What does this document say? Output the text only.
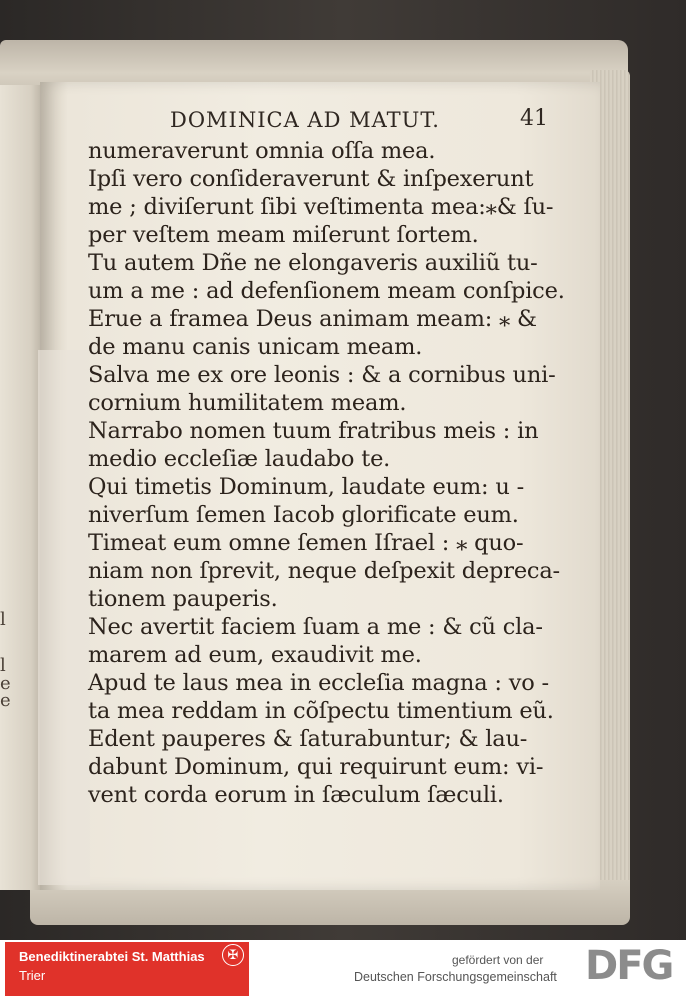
l
l
e
e
DOMINICA AD MATUT.	41
numeraverunt omnia oſſa mea.
Ipſi vero conſideraverunt & inſpexerunt
me ; diviſerunt ſibi veſtimenta mea:⁎& ſu-
per veſtem meam miſerunt ſortem.
Tu autem Dñe ne elongaveris auxiliũ tu-
um a me : ad defenſionem meam conſpice.
Erue a framea Deus animam meam: ⁎ &
de manu canis unicam meam.
Salva me ex ore leonis : & a cornibus uni-
cornium humilitatem meam.
Narrabo nomen tuum fratribus meis : in
medio eccleſiæ laudabo te.
Qui timetis Dominum, laudate eum: u -
niverſum ſemen Iacob glorificate eum.
Timeat eum omne ſemen Iſrael : ⁎ quo-
niam non ſprevit, neque deſpexit depreca-
tionem pauperis.
Nec avertit faciem ſuam a me : & cũ cla-
marem ad eum, exaudivit me.
Apud te laus mea in eccleſia magna : vo -
ta mea reddam in cõſpectu timentium eũ.
Edent pauperes & ſaturabuntur; & lau-
dabunt Dominum, qui requirunt eum: vi-
vent corda eorum in ſæculum ſæculi.
Benediktinerabtei St. Matthias
Trier
✠	gefördert von der
Deutschen Forschungsgemeinschaft DFG
